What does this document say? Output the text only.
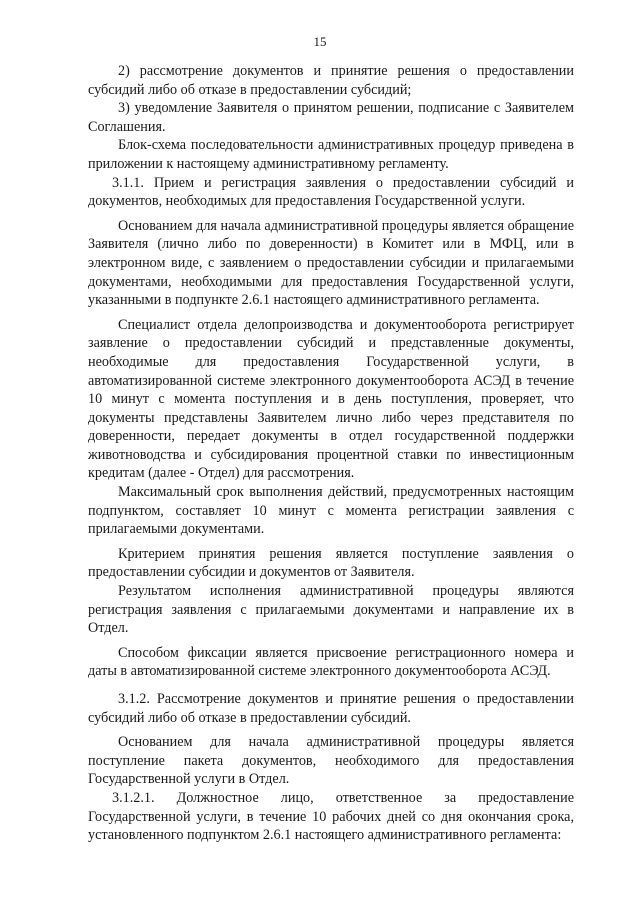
15

2) рассмотрение документов и принятие решения о предоставлении субсидий либо об отказе в предоставлении субсидий;

3) уведомление Заявителя о принятом решении, подписание с Заявителем Соглашения.

Блок-схема последовательности административных процедур приведена в приложении к настоящему административному регламенту.

3.1.1. Прием и регистрация заявления о предоставлении субсидий и документов, необходимых для предоставления Государственной услуги.

Основанием для начала административной процедуры является обращение Заявителя (лично либо по доверенности) в Комитет или в МФЦ, или в электронном виде, с заявлением о предоставлении субсидии и прилагаемыми документами, необходимыми для предоставления Государственной услуги, указанными в подпункте 2.6.1 настоящего административного регламента.

Специалист отдела делопроизводства и документооборота регистрирует заявление о предоставлении субсидий и представленные документы, необходимые для предоставления Государственной услуги, в автоматизированной системе электронного документооборота АСЭД в течение 10 минут с момента поступления и в день поступления, проверяет, что документы представлены Заявителем лично либо через представителя по доверенности, передает документы в отдел государственной поддержки животноводства и субсидирования процентной ставки по инвестиционным кредитам (далее - Отдел) для рассмотрения.

Максимальный срок выполнения действий, предусмотренных настоящим подпунктом, составляет 10 минут с момента регистрации заявления с прилагаемыми документами.

Критерием принятия решения является поступление заявления о предоставлении субсидии и документов от Заявителя.

Результатом исполнения административной процедуры являются регистрация заявления с прилагаемыми документами и направление их в Отдел.

Способом фиксации является присвоение регистрационного номера и даты в автоматизированной системе электронного документооборота АСЭД.

3.1.2. Рассмотрение документов и принятие решения о предоставлении субсидий либо об отказе в предоставлении субсидий.

Основанием для начала административной процедуры является поступление пакета документов, необходимого для предоставления Государственной услуги в Отдел.

3.1.2.1. Должностное лицо, ответственное за предоставление Государственной услуги, в течение 10 рабочих дней со дня окончания срока, установленного подпунктом 2.6.1 настоящего административного регламента:
